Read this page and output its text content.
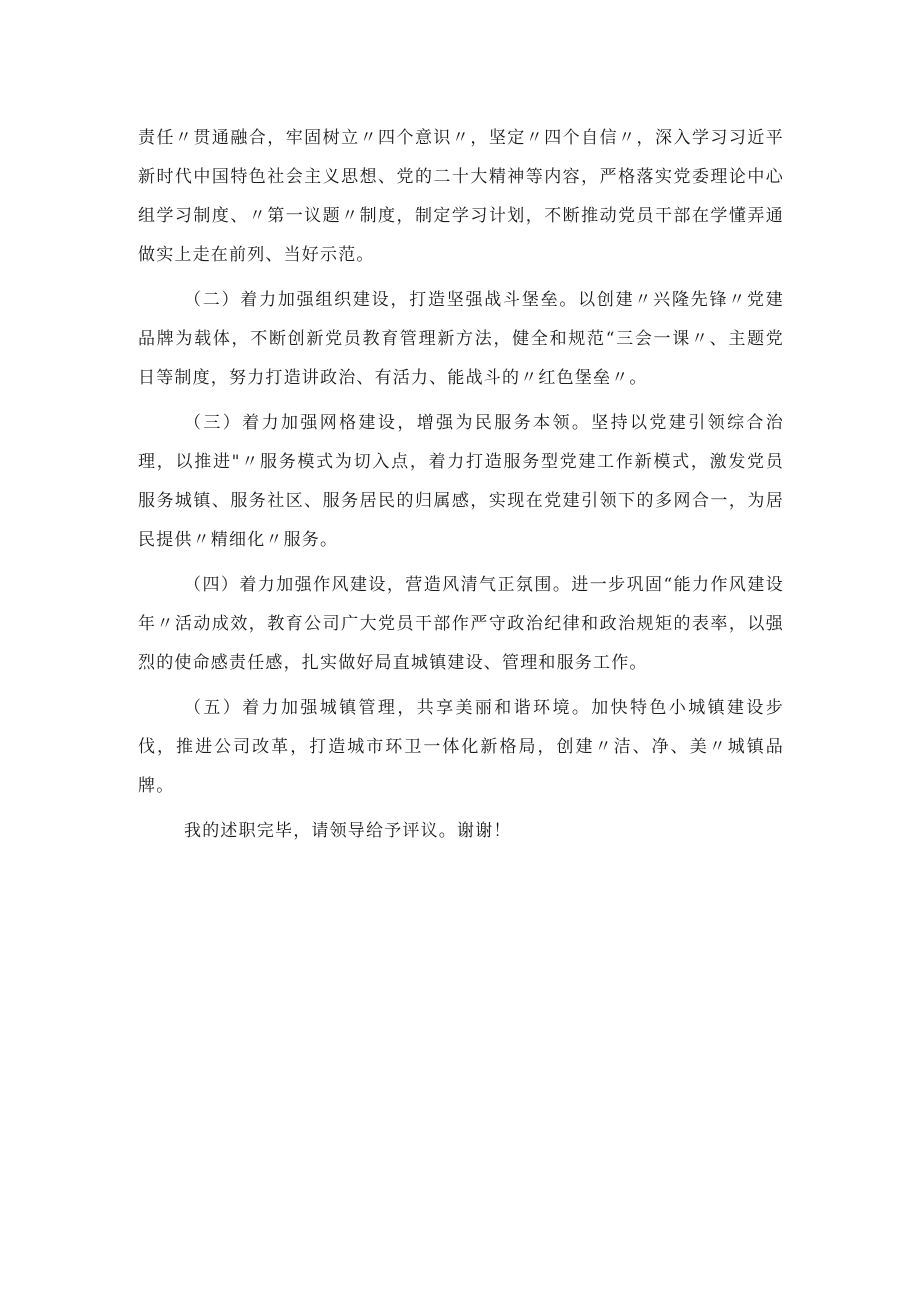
责任〃贯通融合，牢固树立〃四个意识〃，坚定〃四个自信〃，深入学习习近平新时代中国特色社会主义思想、党的二十大精神等内容，严格落实党委理论中心组学习制度、〃第一议题〃制度，制定学习计划，不断推动党员干部在学懂弄通做实上走在前列、当好示范。

（二）着力加强组织建设，打造坚强战斗堡垒。以创建〃兴隆先锋〃党建品牌为载体，不断创新党员教育管理新方法，健全和规范“三会一课〃、主题党日等制度，努力打造讲政治、有活力、能战斗的〃红色堡垒〃。

（三）着力加强网格建设，增强为民服务本领。坚持以党建引领综合治理，以推进"〃服务模式为切入点，着力打造服务型党建工作新模式，激发党员服务城镇、服务社区、服务居民的归属感，实现在党建引领下的多网合一，为居民提供〃精细化〃服务。

（四）着力加强作风建设，营造风清气正氛围。进一步巩固“能力作风建设年〃活动成效，教育公司广大党员干部作严守政治纪律和政治规矩的表率，以强烈的使命感责任感，扎实做好局直城镇建设、管理和服务工作。

（五）着力加强城镇管理，共享美丽和谐环境。加快特色小城镇建设步伐，推进公司改革，打造城市环卫一体化新格局，创建〃洁、净、美〃城镇品牌。

我的述职完毕，请领导给予评议。谢谢！
